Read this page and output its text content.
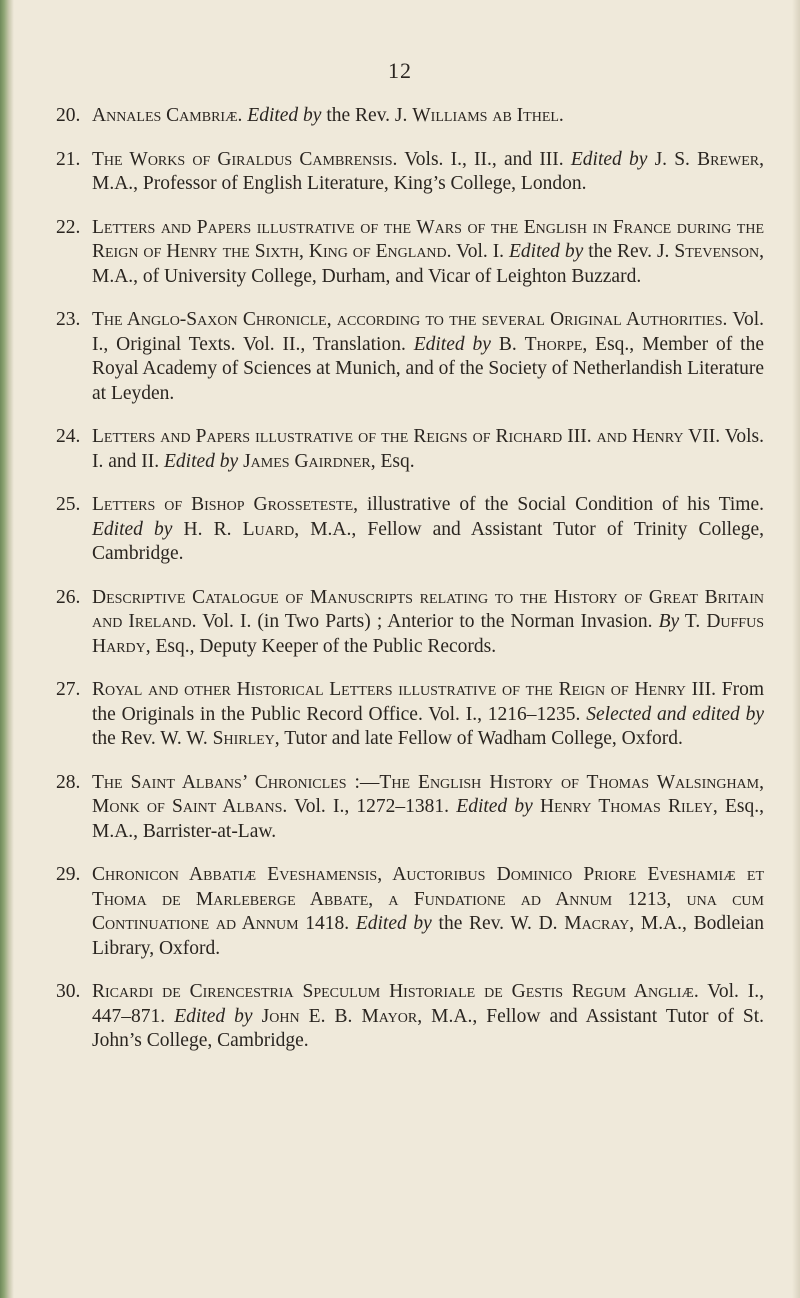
12
20. Annales Cambriæ. Edited by the Rev. J. Williams ab Ithel.
21. The Works of Giraldus Cambrensis. Vols. I., II., and III. Edited by J. S. Brewer, M.A., Professor of English Literature, King’s College, London.
22. Letters and Papers illustrative of the Wars of the English in France during the Reign of Henry the Sixth, King of England. Vol. I. Edited by the Rev. J. Stevenson, M.A., of University College, Durham, and Vicar of Leighton Buzzard.
23. The Anglo-Saxon Chronicle, according to the several Original Authorities. Vol. I., Original Texts. Vol. II., Translation. Edited by B. Thorpe, Esq., Member of the Royal Academy of Sciences at Munich, and of the Society of Netherlandish Literature at Leyden.
24. Letters and Papers illustrative of the Reigns of Richard III. and Henry VII. Vols. I. and II. Edited by James Gairdner, Esq.
25. Letters of Bishop Grosseteste, illustrative of the Social Condition of his Time. Edited by H. R. Luard, M.A., Fellow and Assistant Tutor of Trinity College, Cambridge.
26. Descriptive Catalogue of Manuscripts relating to the History of Great Britain and Ireland. Vol. I. (in Two Parts) ; Anterior to the Norman Invasion. By T. Duffus Hardy, Esq., Deputy Keeper of the Public Records.
27. Royal and other Historical Letters illustrative of the Reign of Henry III. From the Originals in the Public Record Office. Vol. I., 1216–1235. Selected and edited by the Rev. W. W. Shirley, Tutor and late Fellow of Wadham College, Oxford.
28. The Saint Albans’ Chronicles :—The English History of Thomas Walsingham, Monk of Saint Albans. Vol. I., 1272–1381. Edited by Henry Thomas Riley, Esq., M.A., Barrister-at-Law.
29. Chronicon Abbatiæ Eveshamensis, Auctoribus Dominico Priore Eveshamiæ et Thoma de Marleberge Abbate, a Fundatione ad Annum 1213, una cum Continuatione ad Annum 1418. Edited by the Rev. W. D. Macray, M.A., Bodleian Library, Oxford.
30. Ricardi de Cirencestria Speculum Historiale de Gestis Regum Angliæ. Vol. I., 447–871. Edited by John E. B. Mayor, M.A., Fellow and Assistant Tutor of St. John’s College, Cambridge.
